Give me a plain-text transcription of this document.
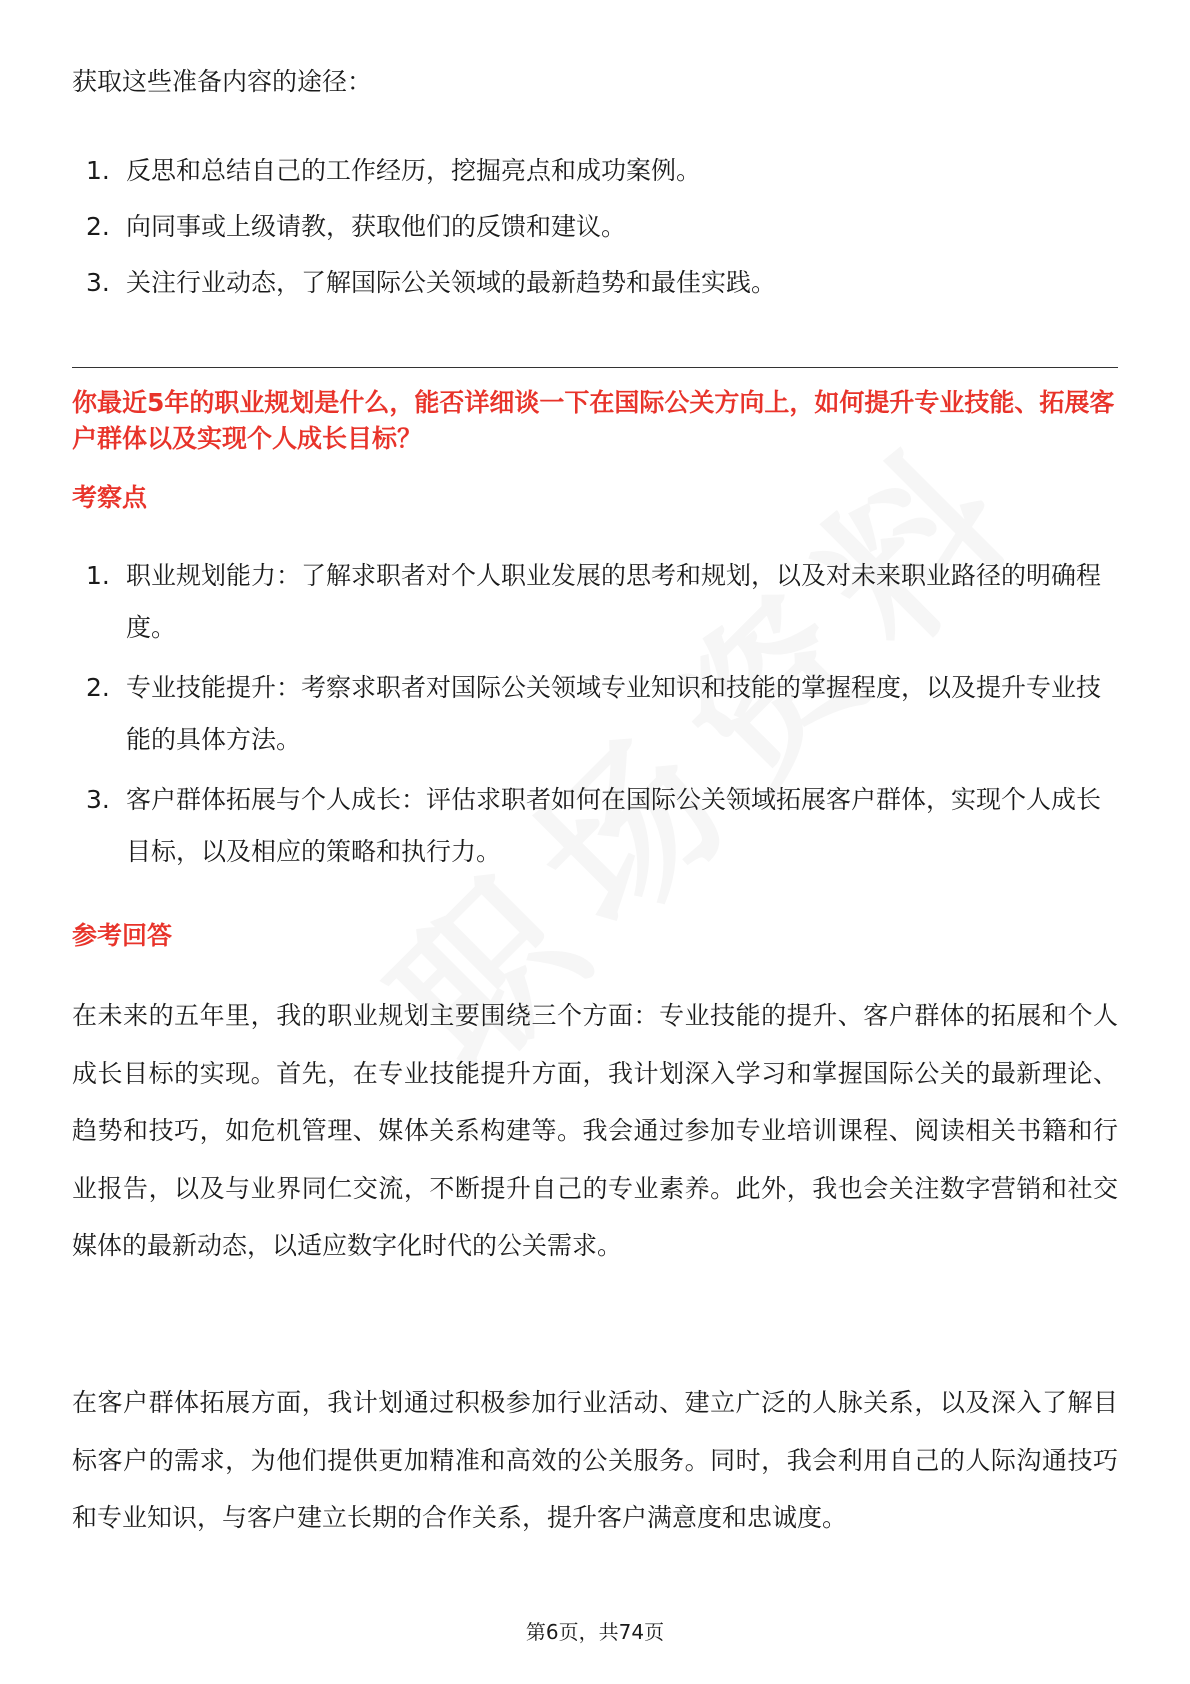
获取这些准备内容的途径：

1. 反思和总结自己的工作经历，挖掘亮点和成功案例。
2. 向同事或上级请教，获取他们的反馈和建议。
3. 关注行业动态，了解国际公关领域的最新趋势和最佳实践。

你最近5年的职业规划是什么，能否详细谈一下在国际公关方向上，如何提升专业技能、拓展客户群体以及实现个人成长目标？

考察点

1. 职业规划能力：了解求职者对个人职业发展的思考和规划，以及对未来职业路径的明确程度。
2. 专业技能提升：考察求职者对国际公关领域专业知识和技能的掌握程度，以及提升专业技能的具体方法。
3. 客户群体拓展与个人成长：评估求职者如何在国际公关领域拓展客户群体，实现个人成长目标，以及相应的策略和执行力。

参考回答

在未来的五年里，我的职业规划主要围绕三个方面：专业技能的提升、客户群体的拓展和个人成长目标的实现。首先，在专业技能提升方面，我计划深入学习和掌握国际公关的最新理论、趋势和技巧，如危机管理、媒体关系构建等。我会通过参加专业培训课程、阅读相关书籍和行业报告，以及与业界同仁交流，不断提升自己的专业素养。此外，我也会关注数字营销和社交媒体的最新动态，以适应数字化时代的公关需求。

在客户群体拓展方面，我计划通过积极参加行业活动、建立广泛的人脉关系，以及深入了解目标客户的需求，为他们提供更加精准和高效的公关服务。同时，我会利用自己的人际沟通技巧和专业知识，与客户建立长期的合作关系，提升客户满意度和忠诚度。

第6页，共74页
